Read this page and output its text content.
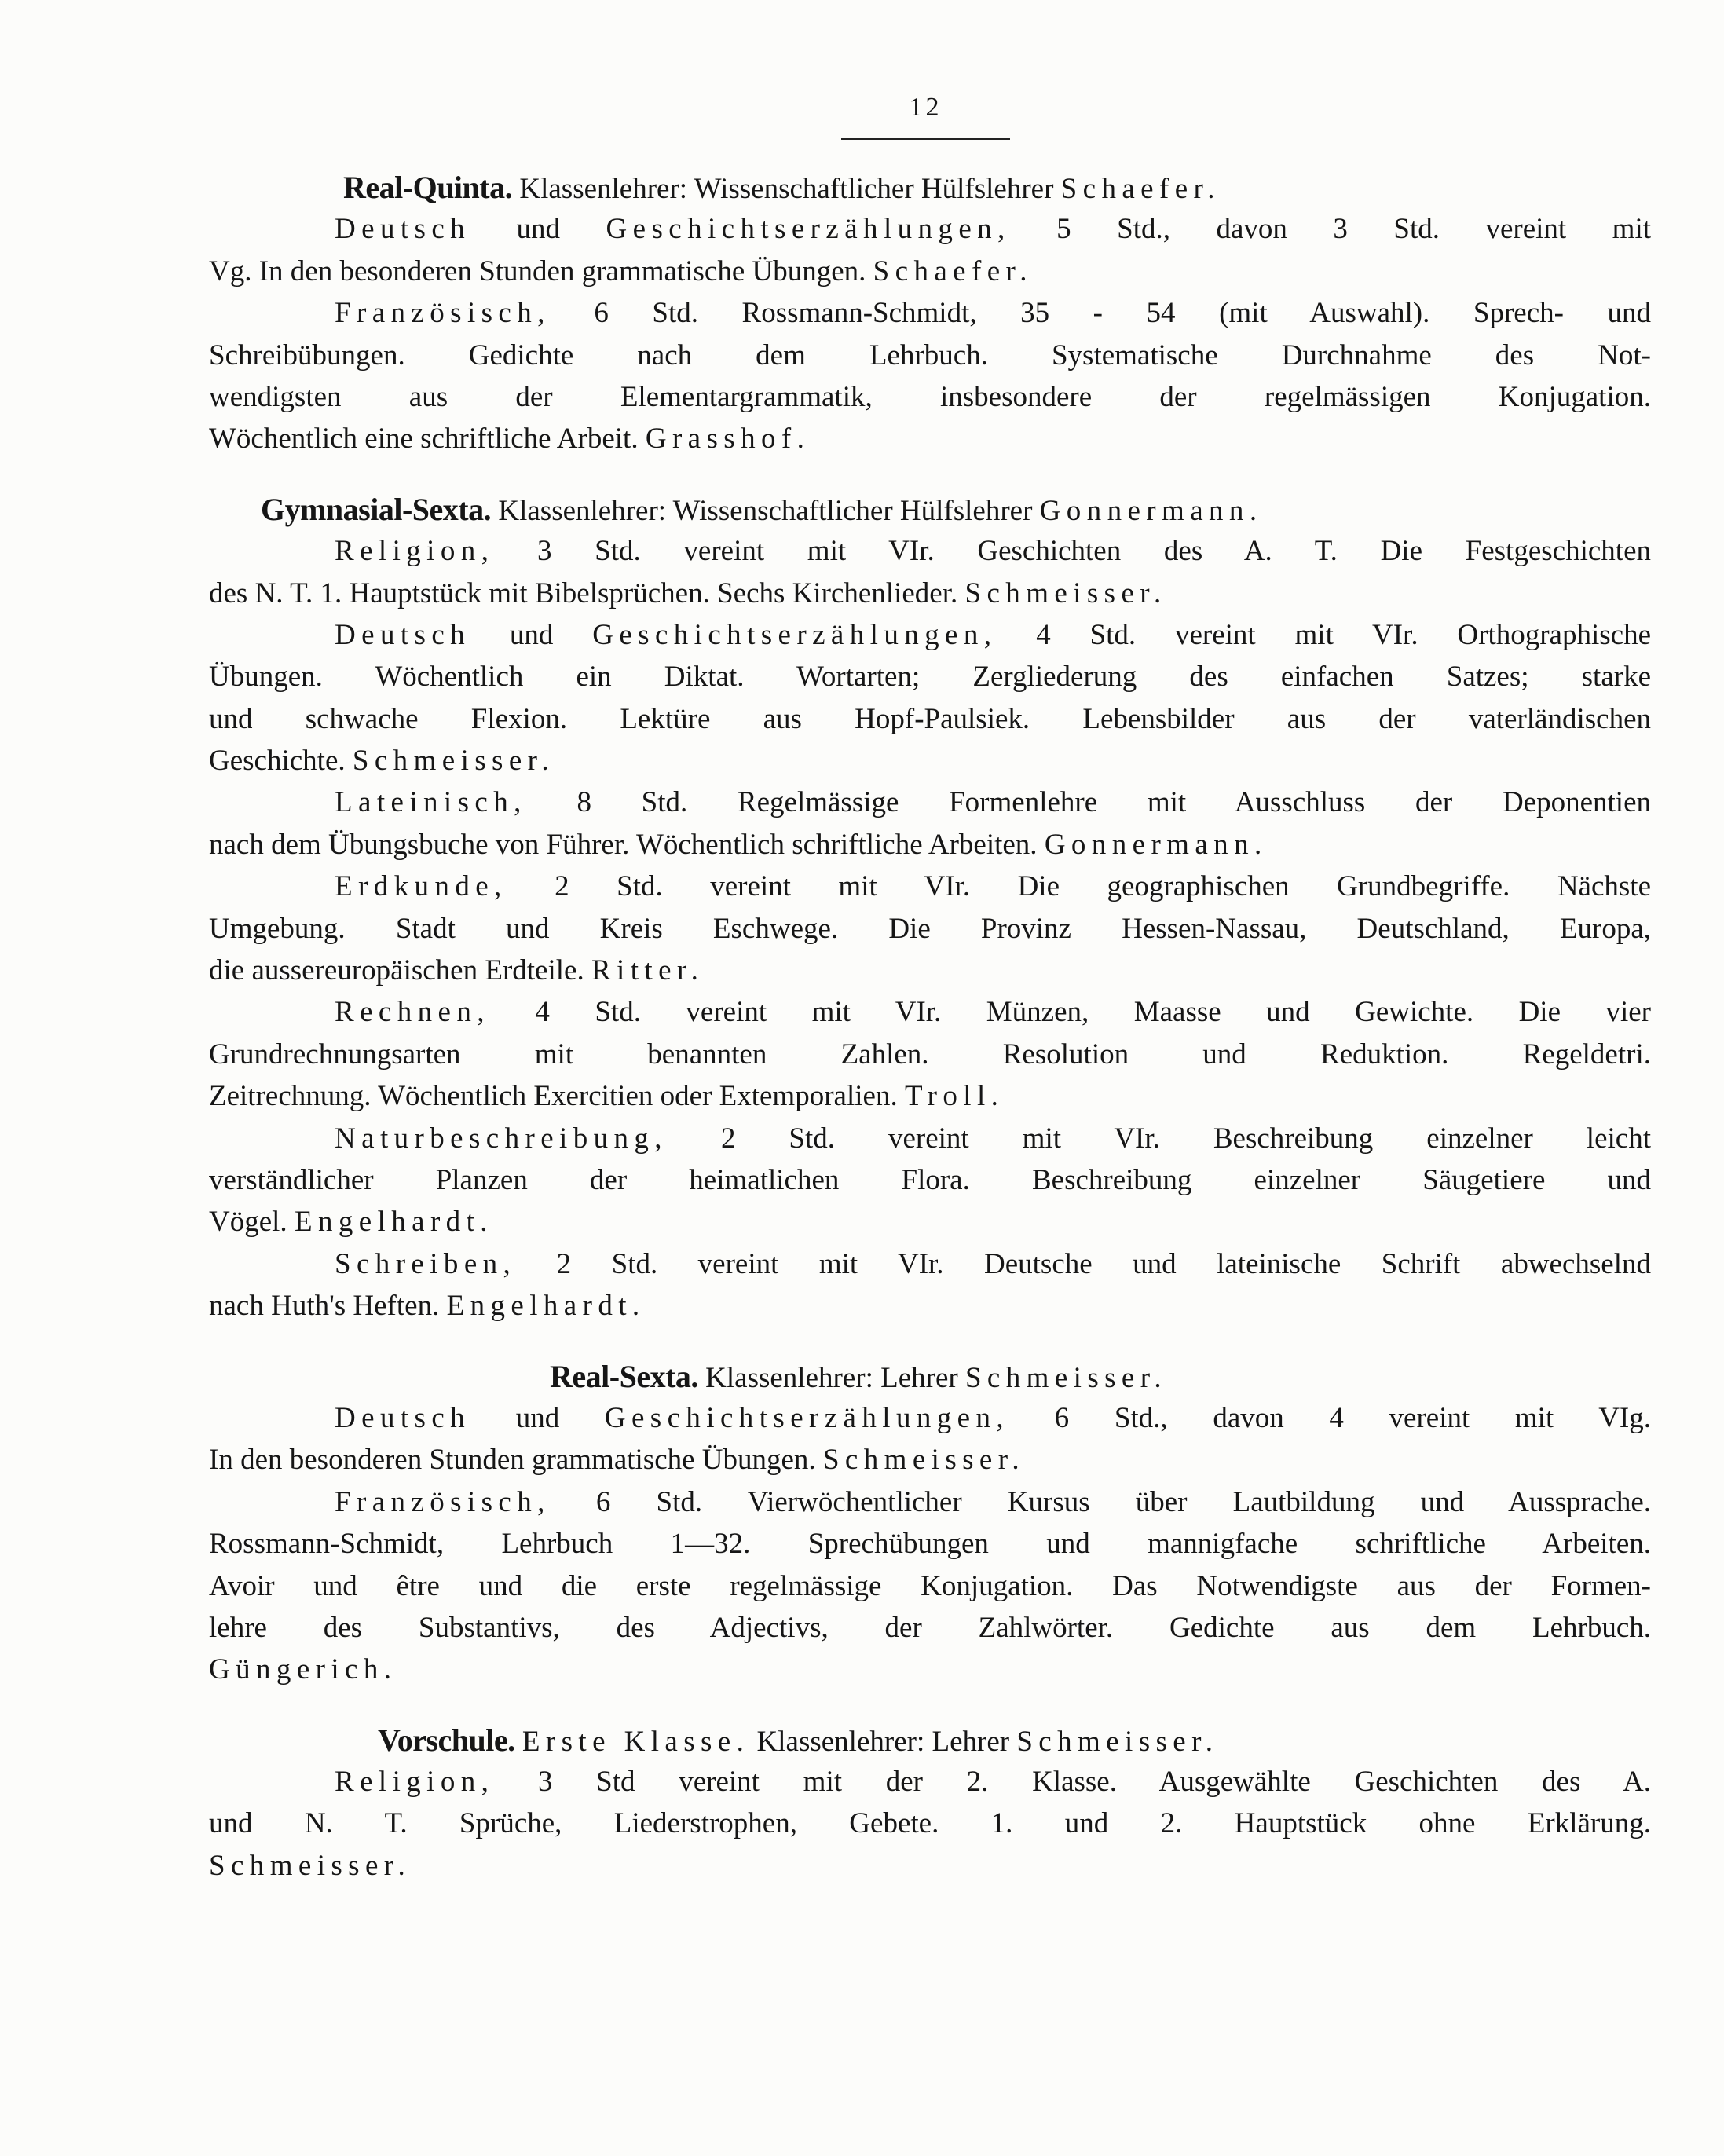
12
Real-Quinta. Klassenlehrer: Wissenschaftlicher Hülfslehrer Schaefer.
Deutsch und Geschichtserzählungen, 5 Std., davon 3 Std. vereint mit
Vg. In den besonderen Stunden grammatische Übungen. Schaefer.
Französisch, 6 Std. Rossmann-Schmidt, 35 - 54 (mit Auswahl). Sprech- und
Schreibübungen. Gedichte nach dem Lehrbuch. Systematische Durchnahme des Not-
wendigsten aus der Elementargrammatik, insbesondere der regelmässigen Konjugation.
Wöchentlich eine schriftliche Arbeit. Grasshof.
Gymnasial-Sexta. Klassenlehrer: Wissenschaftlicher Hülfslehrer Gonnermann.
Religion, 3 Std. vereint mit VIr. Geschichten des A. T. Die Festgeschichten
des N. T. 1. Hauptstück mit Bibelsprüchen. Sechs Kirchenlieder. Schmeisser.
Deutsch und Geschichtserzählungen, 4 Std. vereint mit VIr. Orthographische
Übungen. Wöchentlich ein Diktat. Wortarten; Zergliederung des einfachen Satzes; starke
und schwache Flexion. Lektüre aus Hopf-Paulsiek. Lebensbilder aus der vaterländischen
Geschichte. Schmeisser.
Lateinisch, 8 Std. Regelmässige Formenlehre mit Ausschluss der Deponentien
nach dem Übungsbuche von Führer. Wöchentlich schriftliche Arbeiten. Gonnermann.
Erdkunde, 2 Std. vereint mit VIr. Die geographischen Grundbegriffe. Nächste
Umgebung. Stadt und Kreis Eschwege. Die Provinz Hessen-Nassau, Deutschland, Europa,
die aussereuropäischen Erdteile. Ritter.
Rechnen, 4 Std. vereint mit VIr. Münzen, Maasse und Gewichte. Die vier
Grundrechnungsarten mit benannten Zahlen. Resolution und Reduktion. Regeldetri.
Zeitrechnung. Wöchentlich Exercitien oder Extemporalien. Troll.
Naturbeschreibung, 2 Std. vereint mit VIr. Beschreibung einzelner leicht
verständlicher Planzen der heimatlichen Flora. Beschreibung einzelner Säugetiere und
Vögel. Engelhardt.
Schreiben, 2 Std. vereint mit VIr. Deutsche und lateinische Schrift abwechselnd
nach Huth's Heften. Engelhardt.
Real-Sexta. Klassenlehrer: Lehrer Schmeisser.
Deutsch und Geschichtserzählungen, 6 Std., davon 4 vereint mit VIg.
In den besonderen Stunden grammatische Übungen. Schmeisser.
Französisch, 6 Std. Vierwöchentlicher Kursus über Lautbildung und Aussprache.
Rossmann-Schmidt, Lehrbuch 1—32. Sprechübungen und mannigfache schriftliche Arbeiten.
Avoir und être und die erste regelmässige Konjugation. Das Notwendigste aus der Formen-
lehre des Substantivs, des Adjectivs, der Zahlwörter. Gedichte aus dem Lehrbuch.
Güngerich.
Vorschule. Erste Klasse. Klassenlehrer: Lehrer Schmeisser.
Religion, 3 Std vereint mit der 2. Klasse. Ausgewählte Geschichten des A.
und N. T. Sprüche, Liederstrophen, Gebete. 1. und 2. Hauptstück ohne Erklärung.
Schmeisser.
